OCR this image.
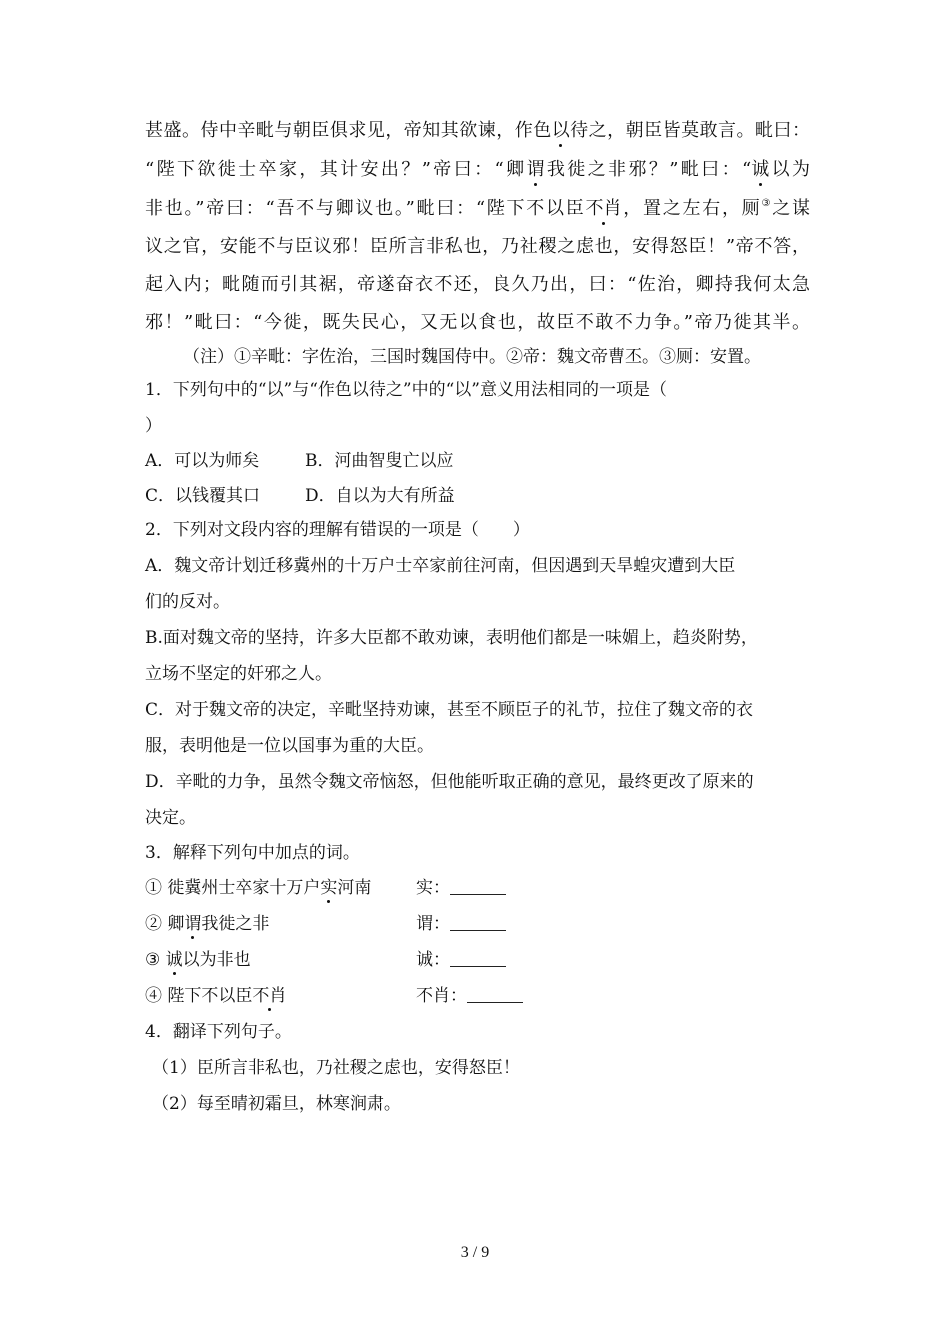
甚盛。侍中辛毗与朝臣俱求见，帝知其欲谏，作色以待之，朝臣皆莫敢言。毗曰：
“陛下欲徙士卒家，其计安出？”帝曰：“卿谓我徙之非邪？”毗曰：“诚以为
非也。”帝曰：“吾不与卿议也。”毗曰：“陛下不以臣不肖，置之左右，厕③之谋
议之官，安能不与臣议邪！臣所言非私也，乃社稷之虑也，安得怒臣！”帝不答，
起入内；毗随而引其裾，帝遂奋衣不还，良久乃出，曰：“佐治，卿持我何太急
邪！”毗曰：“今徙，既失民心，又无以食也，故臣不敢不力争。”帝乃徙其半。
（注）①辛毗：字佐治，三国时魏国侍中。②帝：魏文帝曹丕。③厕：安置。
1．下列句中的“以”与“作色以待之”中的“以”意义用法相同的一项是（
）
A．可以为师矣	B．河曲智叟亡以应
C．以钱覆其口	D．自以为大有所益
2．下列对文段内容的理解有错误的一项是（　　）
A．魏文帝计划迁移冀州的十万户士卒家前往河南，但因遇到天旱蝗灾遭到大臣
们的反对。
B.面对魏文帝的坚持，许多大臣都不敢劝谏，表明他们都是一味媚上，趋炎附势，
立场不坚定的奸邪之人。
C．对于魏文帝的决定，辛毗坚持劝谏，甚至不顾臣子的礼节，拉住了魏文帝的衣
服，表明他是一位以国事为重的大臣。
D．辛毗的力争，虽然令魏文帝恼怒，但他能听取正确的意见，最终更改了原来的
决定。
3．解释下列句中加点的词。
① 徙冀州士卒家十万户实河南	实：
② 卿谓我徙之非	谓：
③ 诚以为非也	诚：
④ 陛下不以臣不肖	不肖：
4．翻译下列句子。
（1）臣所言非私也，乃社稷之虑也，安得怒臣！
（2）每至晴初霜旦，林寒涧肃。
3 / 9
